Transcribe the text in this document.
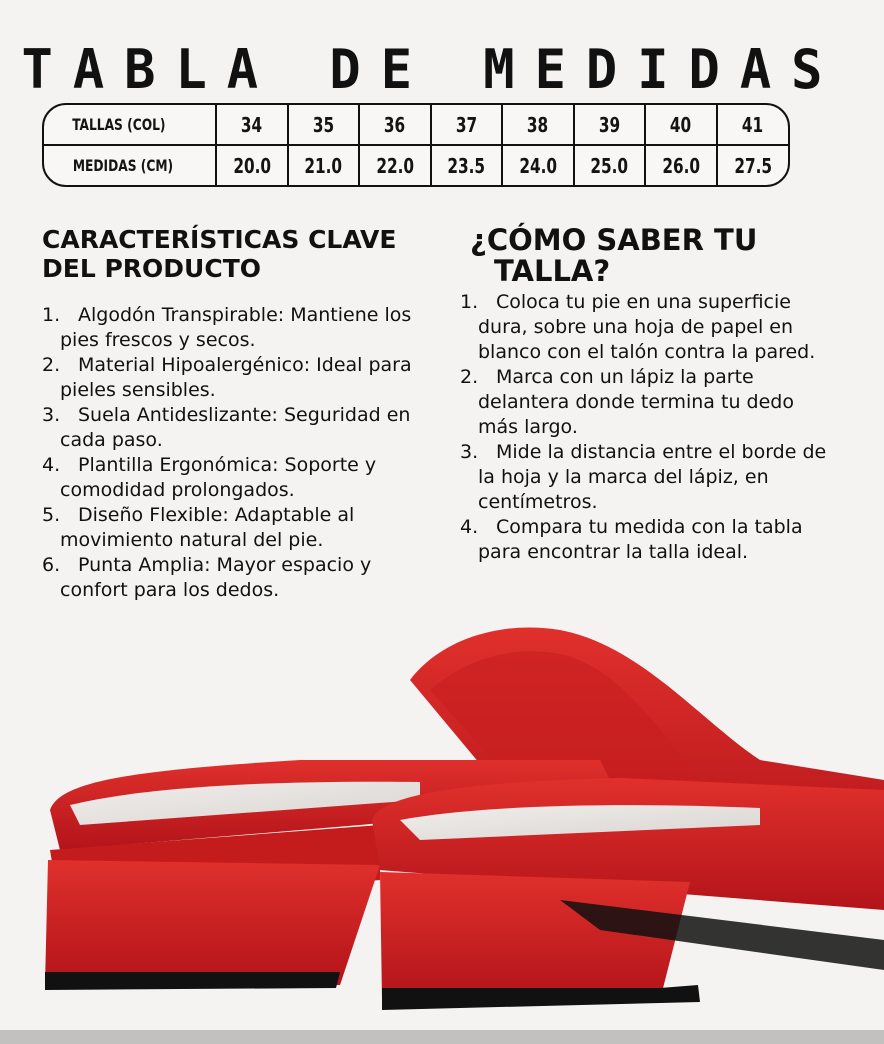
TABLA DE MEDIDAS
TALLAS (COL)	34	35	36	37	38	39	40	41
MEDIDAS (CM)	20.0	21.0	22.0	23.5	24.0	25.0	26.0	27.5
CARACTERÍSTICAS CLAVE
DEL PRODUCTO
1. Algodón Transpirable: Mantiene los pies frescos y secos.
2. Material Hipoalergénico: Ideal para pieles sensibles.
3. Suela Antideslizante: Seguridad en cada paso.
4. Plantilla Ergonómica: Soporte y comodidad prolongados.
5. Diseño Flexible: Adaptable al movimiento natural del pie.
6. Punta Amplia: Mayor espacio y confort para los dedos.
¿CÓMO SABER TU
TALLA?
1. Coloca tu pie en una superficie dura, sobre una hoja de papel en blanco con el talón contra la pared.
2. Marca con un lápiz la parte delantera donde termina tu dedo más largo.
3. Mide la distancia entre el borde de la hoja y la marca del lápiz, en centímetros.
4. Compara tu medida con la tabla para encontrar la talla ideal.
